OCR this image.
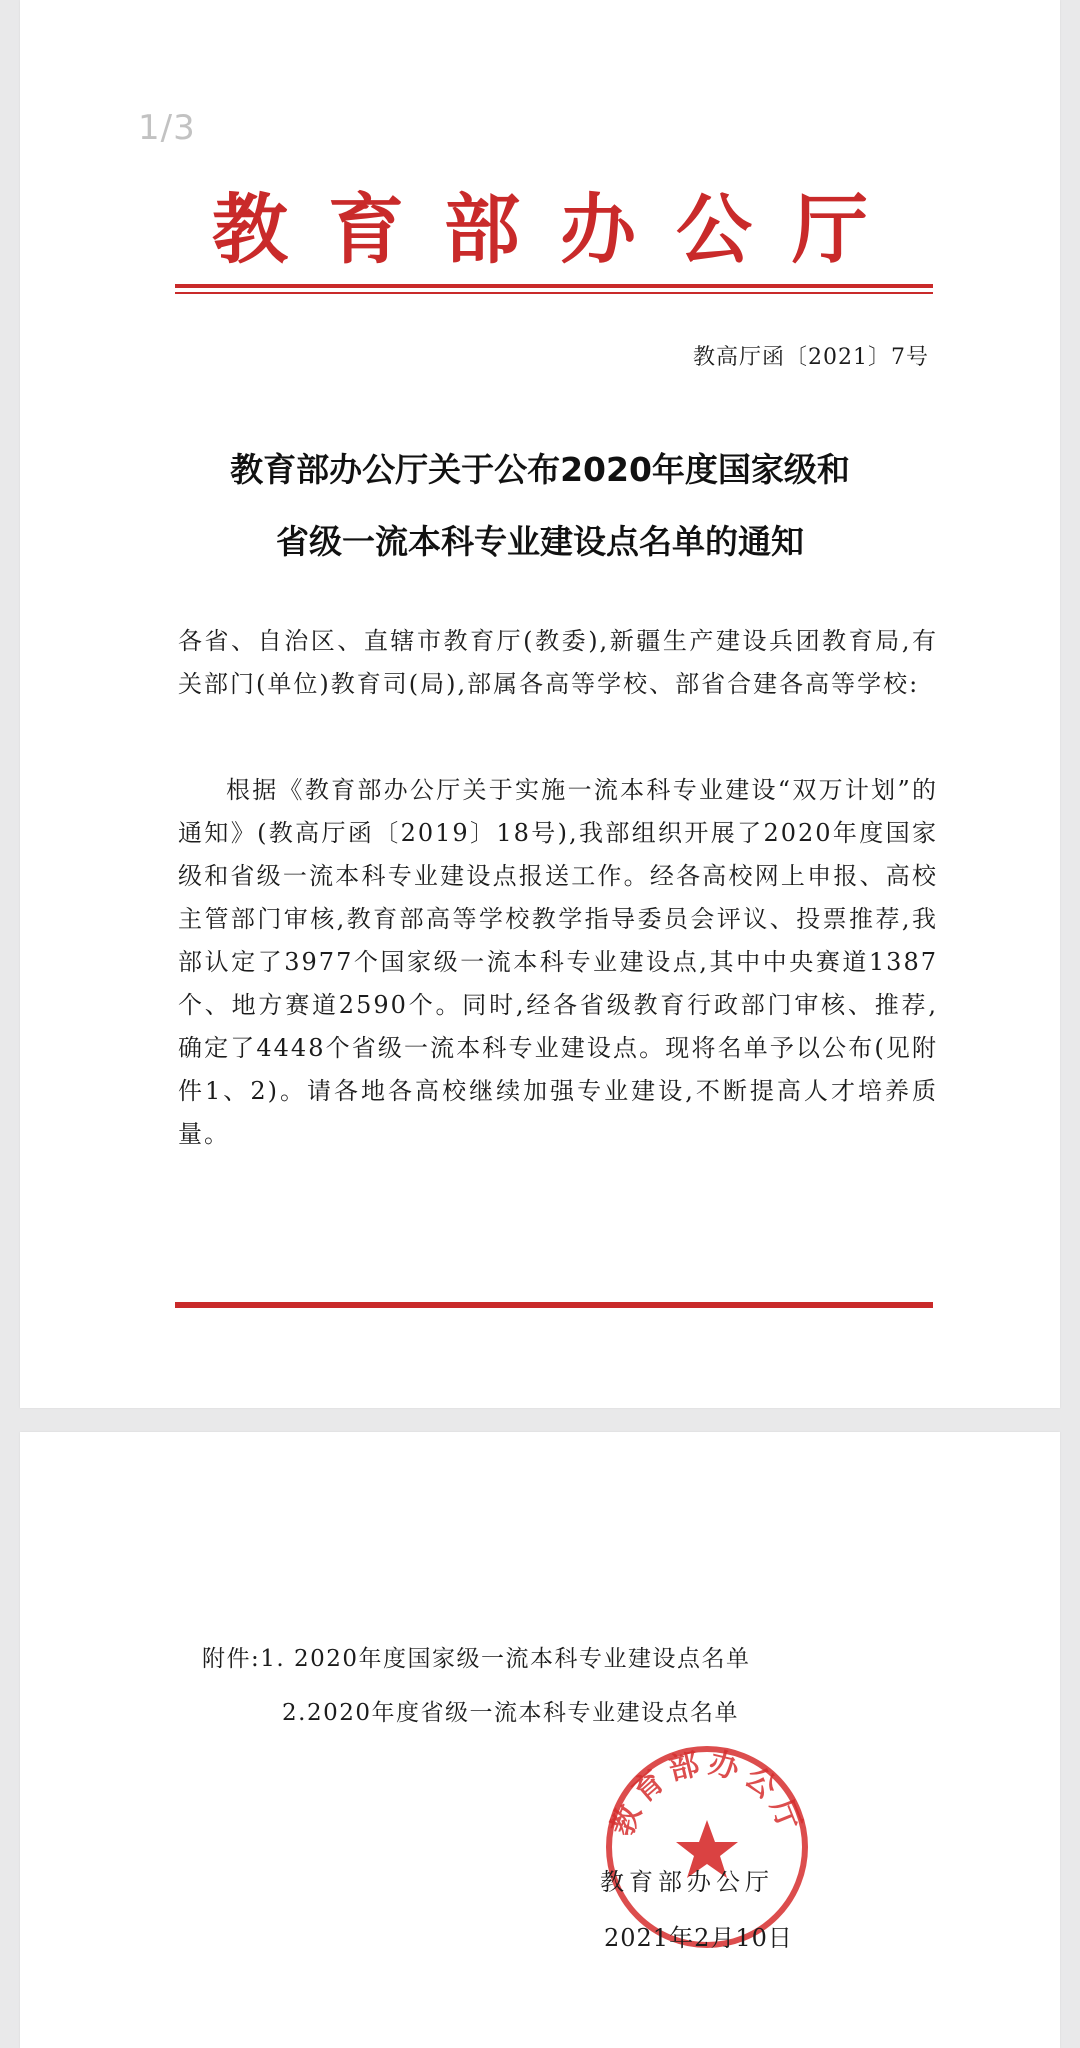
1/3
教育部办公厅
教高厅函〔2021〕7号
教育部办公厅关于公布2020年度国家级和
省级一流本科专业建设点名单的通知
各省、自治区、直辖市教育厅(教委),新疆生产建设兵团教育局,有关部门(单位)教育司(局),部属各高等学校、部省合建各高等学校:
根据《教育部办公厅关于实施一流本科专业建设“双万计划”的通知》(教高厅函〔2019〕18号),我部组织开展了2020年度国家级和省级一流本科专业建设点报送工作。经各高校网上申报、高校主管部门审核,教育部高等学校教学指导委员会评议、投票推荐,我部认定了3977个国家级一流本科专业建设点,其中中央赛道1387个、地方赛道2590个。同时,经各省级教育行政部门审核、推荐,确定了4448个省级一流本科专业建设点。现将名单予以公布(见附件1、2)。请各地各高校继续加强专业建设,不断提高人才培养质量。
附件:1. 2020年度国家级一流本科专业建设点名单
2.2020年度省级一流本科专业建设点名单
教育部办公厅
教育部办公厅
2021年2月10日
